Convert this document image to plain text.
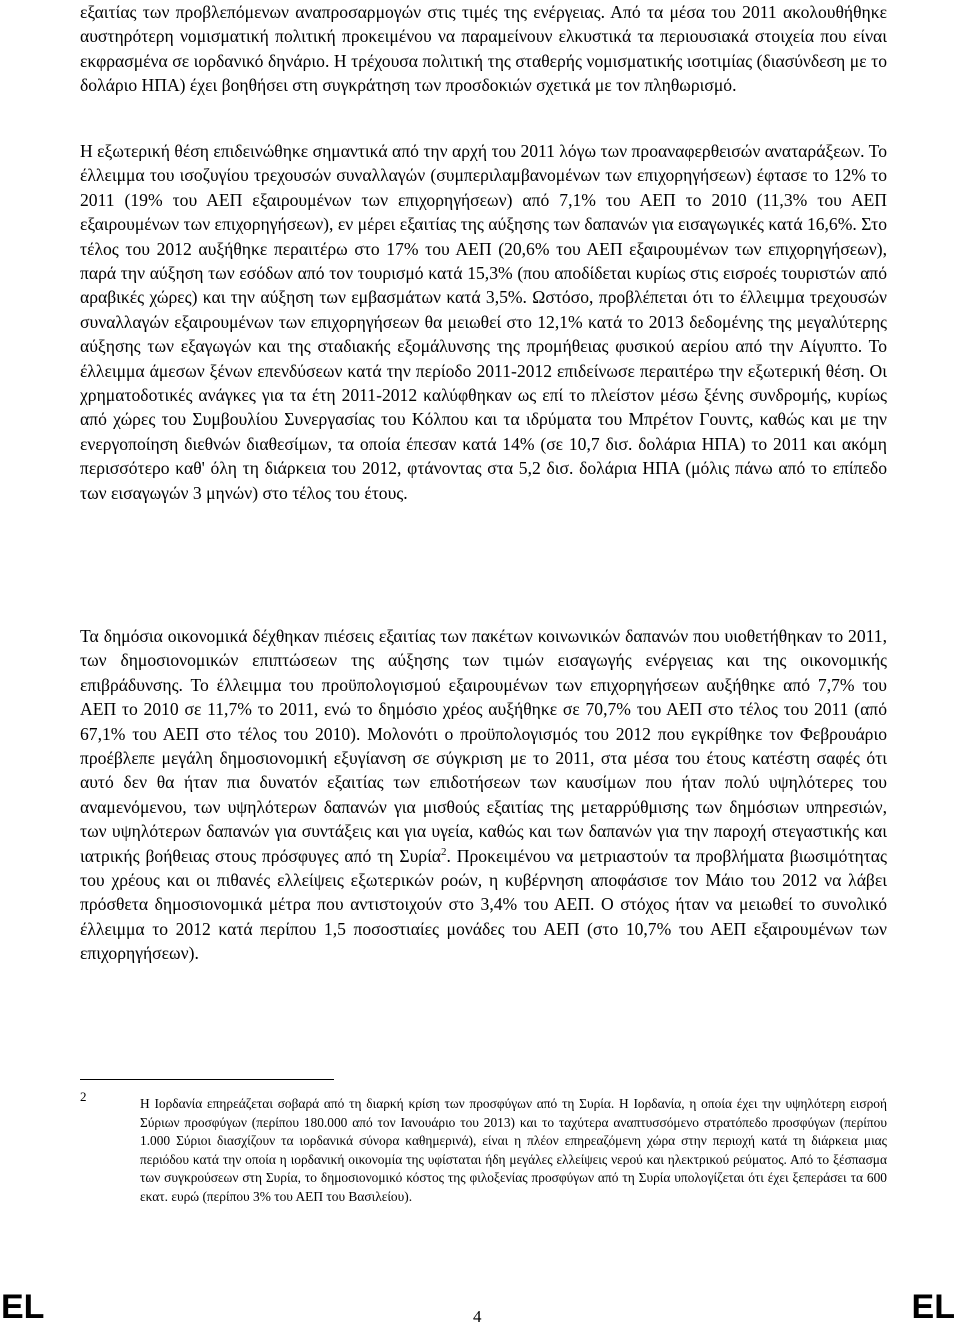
εξαιτίας των προβλεπόμενων αναπροσαρμογών στις τιμές της ενέργειας. Από τα μέσα του 2011 ακολουθήθηκε αυστηρότερη νομισματική πολιτική προκειμένου να παραμείνουν ελκυστικά τα περιουσιακά στοιχεία που είναι εκφρασμένα σε ιορδανικό δηνάριο. Η τρέχουσα πολιτική της σταθερής νομισματικής ισοτιμίας (διασύνδεση με το δολάριο ΗΠΑ) έχει βοηθήσει στη συγκράτηση των προσδοκιών σχετικά με τον πληθωρισμό.

Η εξωτερική θέση επιδεινώθηκε σημαντικά από την αρχή του 2011 λόγω των προαναφερθεισών αναταράξεων. Το έλλειμμα του ισοζυγίου τρεχουσών συναλλαγών (συμπεριλαμβανομένων των επιχορηγήσεων) έφτασε το 12% το 2011 (19% του ΑΕΠ εξαιρουμένων των επιχορηγήσεων) από 7,1% του ΑΕΠ το 2010 (11,3% του ΑΕΠ εξαιρουμένων των επιχορηγήσεων), εν μέρει εξαιτίας της αύξησης των δαπανών για εισαγωγικές κατά 16,6%. Στο τέλος του 2012 αυξήθηκε περαιτέρω στο 17% του ΑΕΠ (20,6% του ΑΕΠ εξαιρουμένων των επιχορηγήσεων), παρά την αύξηση των εσόδων από τον τουρισμό κατά 15,3% (που αποδίδεται κυρίως στις εισροές τουριστών από αραβικές χώρες) και την αύξηση των εμβασμάτων κατά 3,5%. Ωστόσο, προβλέπεται ότι το έλλειμμα τρεχουσών συναλλαγών εξαιρουμένων των επιχορηγήσεων θα μειωθεί στο 12,1% κατά το 2013 δεδομένης της μεγαλύτερης αύξησης των εξαγωγών και της σταδιακής εξομάλυνσης της προμήθειας φυσικού αερίου από την Αίγυπτο. Το έλλειμμα άμεσων ξένων επενδύσεων κατά την περίοδο 2011-2012 επιδείνωσε περαιτέρω την εξωτερική θέση. Οι χρηματοδοτικές ανάγκες για τα έτη 2011-2012 καλύφθηκαν ως επί το πλείστον μέσω ξένης συνδρομής, κυρίως από χώρες του Συμβουλίου Συνεργασίας του Κόλπου και τα ιδρύματα του Μπρέτον Γουντς, καθώς και με την ενεργοποίηση διεθνών διαθεσίμων, τα οποία έπεσαν κατά 14% (σε 10,7 δισ. δολάρια ΗΠΑ) το 2011 και ακόμη περισσότερο καθ' όλη τη διάρκεια του 2012, φτάνοντας στα 5,2 δισ. δολάρια ΗΠΑ (μόλις πάνω από το επίπεδο των εισαγωγών 3 μηνών) στο τέλος του έτους.

Τα δημόσια οικονομικά δέχθηκαν πιέσεις εξαιτίας των πακέτων κοινωνικών δαπανών που υιοθετήθηκαν το 2011, των δημοσιονομικών επιπτώσεων της αύξησης των τιμών εισαγωγής ενέργειας και της οικονομικής επιβράδυνσης. Το έλλειμμα του προϋπολογισμού εξαιρουμένων των επιχορηγήσεων αυξήθηκε από 7,7% του ΑΕΠ το 2010 σε 11,7% το 2011, ενώ το δημόσιο χρέος αυξήθηκε σε 70,7% του ΑΕΠ στο τέλος του 2011 (από 67,1% του ΑΕΠ στο τέλος του 2010). Μολονότι ο προϋπολογισμός του 2012 που εγκρίθηκε τον Φεβρουάριο προέβλεπε μεγάλη δημοσιονομική εξυγίανση σε σύγκριση με το 2011, στα μέσα του έτους κατέστη σαφές ότι αυτό δεν θα ήταν πια δυνατόν εξαιτίας των επιδοτήσεων των καυσίμων που ήταν πολύ υψηλότερες του αναμενόμενου, των υψηλότερων δαπανών για μισθούς εξαιτίας της μεταρρύθμισης των δημόσιων υπηρεσιών, των υψηλότερων δαπανών για συντάξεις και για υγεία, καθώς και των δαπανών για την παροχή στεγαστικής και ιατρικής βοήθειας στους πρόσφυγες από τη Συρία$^2$. Προκειμένου να μετριαστούν τα προβλήματα βιωσιμότητας του χρέους και οι πιθανές ελλείψεις εξωτερικών ροών, η κυβέρνηση αποφάσισε τον Μάιο του 2012 να λάβει πρόσθετα δημοσιονομικά μέτρα που αντιστοιχούν στο 3,4% του ΑΕΠ. Ο στόχος ήταν να μειωθεί το συνολικό έλλειμμα το 2012 κατά περίπου 1,5 ποσοστιαίες μονάδες του ΑΕΠ (στο 10,7% του ΑΕΠ εξαιρουμένων των επιχορηγήσεων).

2	Η Ιορδανία επηρεάζεται σοβαρά από τη διαρκή κρίση των προσφύγων από τη Συρία. Η Ιορδανία, η οποία έχει την υψηλότερη εισροή Σύριων προσφύγων (περίπου 180.000 από τον Ιανουάριο του 2013) και το ταχύτερα αναπτυσσόμενο στρατόπεδο προσφύγων (περίπου 1.000 Σύριοι διασχίζουν τα ιορδανικά σύνορα καθημερινά), είναι η πλέον επηρεαζόμενη χώρα στην περιοχή κατά τη διάρκεια μιας περιόδου κατά την οποία η ιορδανική οικονομία της υφίσταται ήδη μεγάλες ελλείψεις νερού και ηλεκτρικού ρεύματος. Από το ξέσπασμα των συγκρούσεων στη Συρία, το δημοσιονομικό κόστος της φιλοξενίας προσφύγων από τη Συρία υπολογίζεται ότι έχει ξεπεράσει τα 600 εκατ. ευρώ (περίπου 3% του ΑΕΠ του Βασιλείου).

EL	4	EL
